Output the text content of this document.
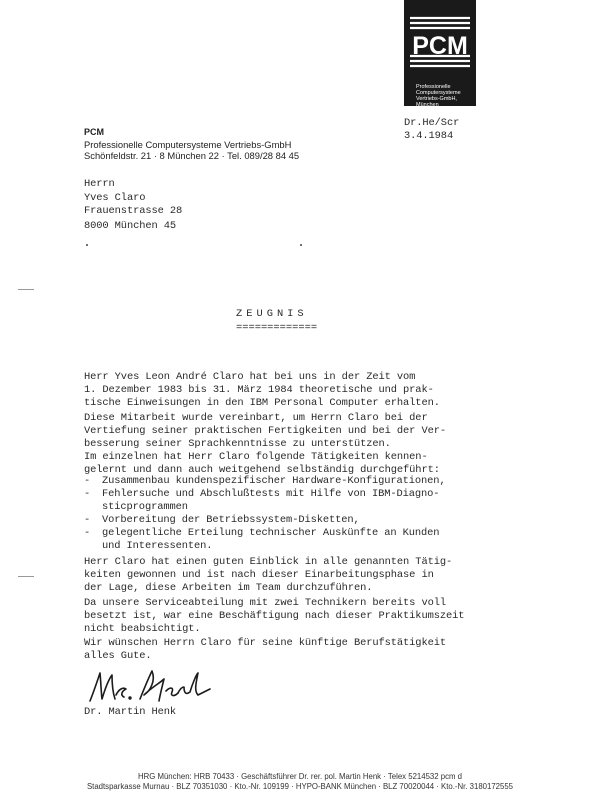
PCM
Professionelle
Computersysteme
Vertriebs-GmbH, München
Dr.He/Scr
3.4.1984
PCM
Professionelle Computersysteme Vertriebs-GmbH
Schönfeldstr. 21 · 8 München 22 · Tel. 089/28 84 45
Herrn
Yves Claro
Frauenstrasse 28
8000 München 45
ZEUGNIS
=============
Herr Yves Leon André Claro hat bei uns in der Zeit vom
1. Dezember 1983 bis 31. März 1984 theoretische und prak-
tische Einweisungen in den IBM Personal Computer erhalten.
Diese Mitarbeit wurde vereinbart, um Herrn Claro bei der
Vertiefung seiner praktischen Fertigkeiten und bei der Ver-
besserung seiner Sprachkenntnisse zu unterstützen.
Im einzelnen hat Herr Claro folgende Tätigkeiten kennen-
gelernt und dann auch weitgehend selbständig durchgeführt:
-	Zusammenbau kundenspezifischer Hardware-Konfigurationen,
-	Fehlersuche und Abschlußtests mit Hilfe von IBM-Diagno-
sticprogrammen
-	Vorbereitung der Betriebssystem-Disketten,
-	gelegentliche Erteilung technischer Auskünfte an Kunden
und Interessenten.
Herr Claro hat einen guten Einblick in alle genannten Tätig-
keiten gewonnen und ist nach dieser Einarbeitungsphase in
der Lage, diese Arbeiten im Team durchzuführen.
Da unsere Serviceabteilung mit zwei Technikern bereits voll
besetzt ist, war eine Beschäftigung nach dieser Praktikumszeit
nicht beabsichtigt.
Wir wünschen Herrn Claro für seine künftige Berufstätigkeit
alles Gute.
Dr. Martin Henk
HRG München: HRB 70433 · Geschäftsführer Dr. rer. pol. Martin Henk · Telex 5214532 pcm d
Stadtsparkasse Murnau · BLZ 70351030 · Kto.-Nr. 109199 · HYPO-BANK München · BLZ 70020044 · Kto.-Nr. 3180172555
